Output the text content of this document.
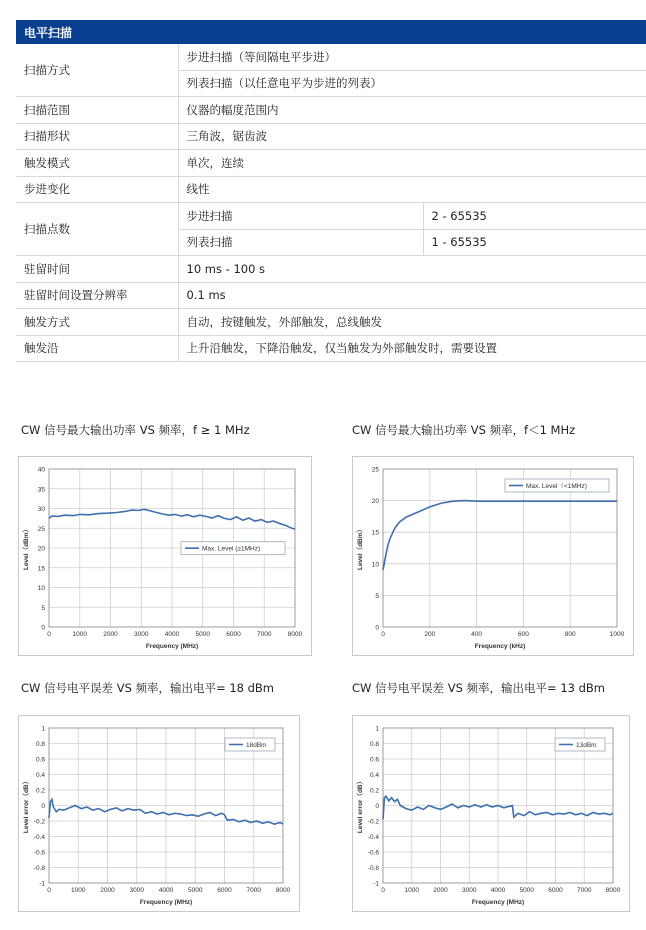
电平扫描		
扫描方式	步进扫描（等间隔电平步进）	
	列表扫描（以任意电平为步进的列表）	
扫描范围	仪器的幅度范围内	
扫描形状	三角波，锯齿波	
触发模式	单次，连续	
步进变化	线性	
扫描点数	步进扫描	2 - 65535
	列表扫描	1 - 65535
驻留时间	10 ms - 100 s	
驻留时间设置分辨率	0.1 ms	
触发方式	自动，按键触发，外部触发，总线触发	
触发沿	上升沿触发，下降沿触发，仅当触发为外部触发时，需要设置	
CW 信号最大输出功率 VS 频率，f ≥ 1 MHz	CW 信号最大输出功率 VS 频率，f＜1 MHz
CW 信号电平误差 VS 频率，输出电平= 18 dBm	CW 信号电平误差 VS 频率，输出电平= 13 dBm
0
5
10
15
20
25
30
35
40
0	1000	2000	3000	4000	5000	6000	7000	8000
Frequency (MHz)
Level（dBm）	Max. Level (≥1MHz)
0
5
10
15
20
25
0	200	400	600	800	1000
Frequency (kHz)
Level（dBm）
Max. Level（<1MHz)
-1
-0.8
-0.6
-0.4
-0.2
0
0.2
0.4
0.6
0.8
1
0	1000 2000 3000 4000 5000 6000 7000 8000
Frequency (MHz)
Level error（dB）
18dBm
-1
-0.8
-0.6
-0.4
-0.2
0
0.2
0.4
0.6
0.8
1
0	1000 2000 3000 4000 5000 6000 7000 8000
Frequency (MHz)
Level error（dB）
13dBm
